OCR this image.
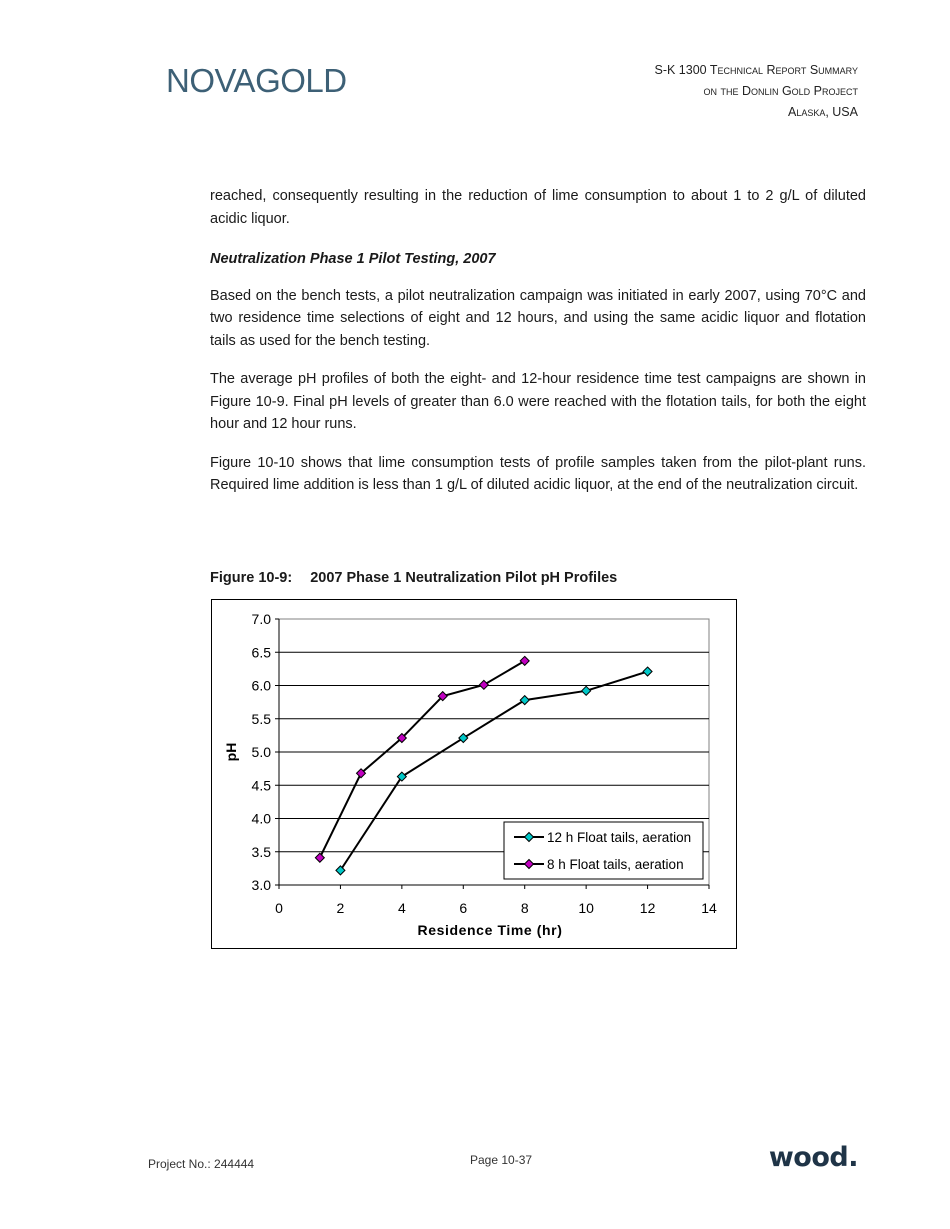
NOVAGOLD	S-K 1300 Technical Report Summary
on the Donlin Gold Project
Alaska, USA

reached, consequently resulting in the reduction of lime consumption to about 1 to 2 g/L of diluted acidic liquor.

Neutralization Phase 1 Pilot Testing, 2007

Based on the bench tests, a pilot neutralization campaign was initiated in early 2007, using 70°C and two residence time selections of eight and 12 hours, and using the same acidic liquor and flotation tails as used for the bench testing.

The average pH profiles of both the eight- and 12-hour residence time test campaigns are shown in Figure 10-9. Final pH levels of greater than 6.0 were reached with the flotation tails, for both the eight hour and 12 hour runs.

Figure 10-10 shows that lime consumption tests of profile samples taken from the pilot-plant runs. Required lime addition is less than 1 g/L of diluted acidic liquor, at the end of the neutralization circuit.

Figure 10-9: 2007 Phase 1 Neutralization Pilot pH Profiles
3.0
3.5
4.0
4.5
5.0
5.5
6.0
6.5
7.0
0	2	4	6	8	10	12	14
Residence Time (hr)
pH
12 h Float tails, aeration
8 h Float tails, aeration
Project No.: 244444	Page 10-37	wood.
